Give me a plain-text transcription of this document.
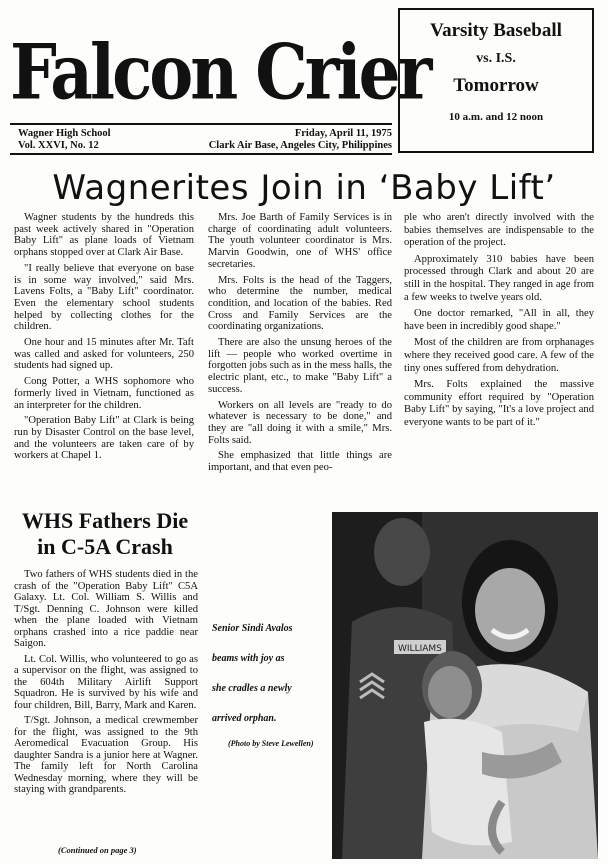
Falcon Crier Varsity Baseball
vs. I.S.
Tomorrow
10 a.m. and 12 noon
Wagner High School
Vol. XXVI, No. 12
Friday, April 11, 1975
Clark Air Base, Angeles City, Philippines
Wagnerites Join in ‘Baby Lift’

Wagner students by the hundreds this past week actively shared in "Operation Baby Lift" as plane loads of Vietnam orphans stopped over at Clark Air Base.

"I really believe that everyone on base is in some way involved," said Mrs. Lavens Folts, a "Baby Lift" coordinator. Even the elementary school students helped by collecting clothes for the children.

One hour and 15 minutes after Mr. Taft was called and asked for volunteers, 250 students had signed up.

Cong Potter, a WHS sophomore who formerly lived in Vietnam, functioned as an interpreter for the children.

"Operation Baby Lift" at Clark is being run by Disaster Control on the base level, and the volunteers are taken care of by workers at Chapel 1.

Mrs. Joe Barth of Family Services is in charge of coordinating adult volunteers. The youth volunteer coordinator is Mrs. Marvin Goodwin, one of WHS' office secretaries.

Mrs. Folts is the head of the Taggers, who determine the number, medical condition, and location of the babies. Red Cross and Family Services are the coordinating organizations.

There are also the unsung heroes of the lift — people who worked overtime in forgotten jobs such as in the mess halls, the electric plant, etc., to make "Baby Lift" a success.

Workers on all levels are "ready to do whatever is necessary to be done," and they are "all doing it with a smile," Mrs. Folts said.

She emphasized that little things are important, and that even peo-

ple who aren't directly involved with the babies themselves are indispensable to the operation of the project.

Approximately 310 babies have been processed through Clark and about 20 are still in the hospital. They ranged in age from a few weeks to twelve years old.

One doctor remarked, "All in all, they have been in incredibly good shape."

Most of the children are from orphanages where they received good care. A few of the tiny ones suffered from dehydration.

Mrs. Folts explained the massive community effort required by "Operation Baby Lift" by saying, "It's a love project and everyone wants to be part of it."

WHS Fathers Die in C-5A Crash

Two fathers of WHS students died in the crash of the "Operation Baby Lift" C5A Galaxy. Lt. Col. William S. Willis and T/Sgt. Denning C. Johnson were killed when the plane loaded with Vietnam orphans crashed into a rice paddie near Saigon.

Lt. Col. Willis, who volunteered to go as a supervisor on the flight, was assigned to the 604th Military Airlift Support Squadron. He is survived by his wife and four children, Bill, Barry, Mark and Karen.

T/Sgt. Johnson, a medical crewmember for the flight, was assigned to the 9th Aeromedical Evacuation Group. His daughter Sandra is a junior here at Wagner. The family left for North Carolina Wednesday morning, where they will be staying with grandparents.

(Continued on page 3)
Senior Sindi Avalos
beams with joy as
she cradles a newly
arrived orphan.
(Photo by Steve Lewellen)
WILLIAMS
